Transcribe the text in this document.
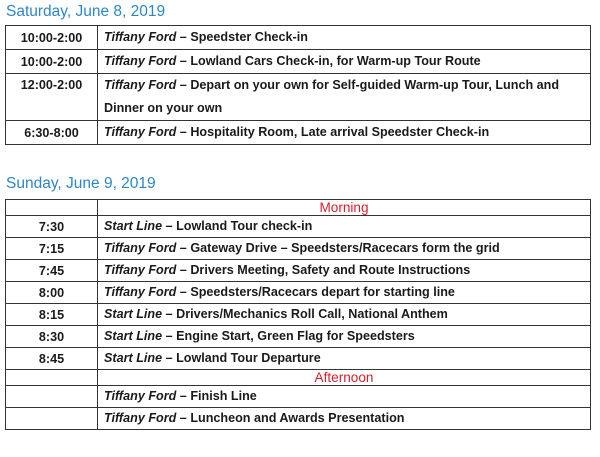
Saturday, June 8, 2019
10:00-2:00	Tiffany Ford – Speedster Check-in
10:00-2:00	Tiffany Ford – Lowland Cars Check-in, for Warm-up Tour Route
12:00-2:00	Tiffany Ford – Depart on your own for Self-guided Warm-up Tour, Lunch and Dinner on your own
6:30-8:00	Tiffany Ford – Hospitality Room, Late arrival Speedster Check-in
Sunday, June 9, 2019
	Morning
7:30	Start Line – Lowland Tour check-in
7:15	Tiffany Ford – Gateway Drive – Speedsters/Racecars form the grid
7:45	Tiffany Ford – Drivers Meeting, Safety and Route Instructions
8:00	Tiffany Ford – Speedsters/Racecars depart for starting line
8:15	Start Line – Drivers/Mechanics Roll Call, National Anthem
8:30	Start Line – Engine Start, Green Flag for Speedsters
8:45	Start Line – Lowland Tour Departure
	Afternoon
	Tiffany Ford – Finish Line
	Tiffany Ford – Luncheon and Awards Presentation
